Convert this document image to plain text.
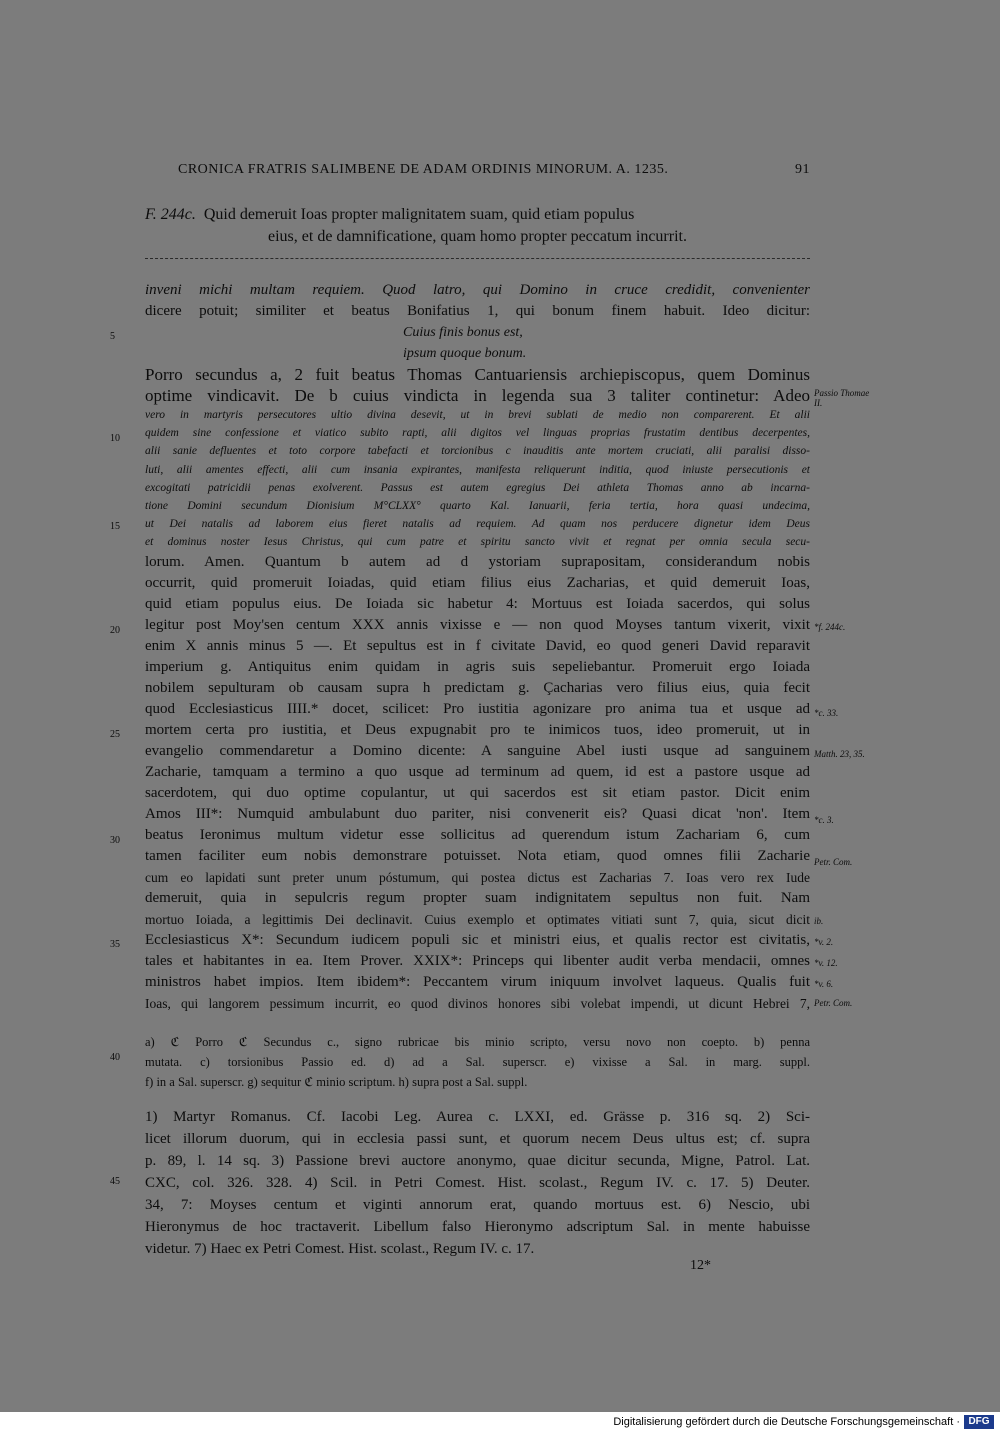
CRONICA FRATRIS SALIMBENE DE ADAM ORDINIS MINORUM. A. 1235.	91
F. 244c. Quid demeruit Ioas propter malignitatem suam, quid etiam populus
eius, et de damnificatione, quam homo propter peccatum incurrit.
inveni michi multam requiem. Quod latro, qui Domino in cruce credidit, convenienter
dicere potuit; similiter et beatus Bonifatius 1, qui bonum finem habuit. Ideo dicitur:
Cuius finis bonus est,
ipsum quoque bonum.
Porro secundus a, 2 fuit beatus Thomas Cantuariensis archiepiscopus, quem Dominus
optime vindicavit. De b cuius vindicta in legenda sua 3 taliter continetur: Adeo
vero in martyris persecutores ultio divina desevit, ut in brevi sublati de medio non comparerent. Et alii
quidem sine confessione et viatico subito rapti, alii digitos vel linguas proprias frustatim dentibus decerpentes,
alii sanie defluentes et toto corpore tabefacti et torcionibus c inauditis ante mortem cruciati, alii paralisi disso-
luti, alii amentes effecti, alii cum insania expirantes, manifesta reliquerunt inditia, quod iniuste persecutionis et
excogitati patricidii penas exolverent. Passus est autem egregius Dei athleta Thomas anno ab incarna-
tione Domini secundum Dionisium M°CLXX° quarto Kal. Ianuarii, feria tertia, hora quasi undecima,
ut Dei natalis ad laborem eius fieret natalis ad requiem. Ad quam nos perducere dignetur idem Deus
et dominus noster Iesus Christus, qui cum patre et spiritu sancto vivit et regnat per omnia secula secu-
lorum. Amen. Quantum b autem ad d ystoriam suprapositam, considerandum nobis
occurrit, quid promeruit Ioiadas, quid etiam filius eius Zacharias, et quid demeruit Ioas,
quid etiam populus eius. De Ioiada sic habetur 4: Mortuus est Ioiada sacerdos, qui solus
legitur post Moy'sen centum XXX annis vixisse e — non quod Moyses tantum vixerit, vixit
enim X annis minus 5 —. Et sepultus est in f civitate David, eo quod generi David reparavit
imperium g. Antiquitus enim quidam in agris suis sepeliebantur. Promeruit ergo Ioiada
nobilem sepulturam ob causam supra h predictam g. Çacharias vero filius eius, quia fecit
quod Ecclesiasticus IIII.* docet, scilicet: Pro iustitia agonizare pro anima tua et usque ad
mortem certa pro iustitia, et Deus expugnabit pro te inimicos tuos, ideo promeruit, ut in
evangelio commendaretur a Domino dicente: A sanguine Abel iusti usque ad sanguinem
Zacharie, tamquam a termino a quo usque ad terminum ad quem, id est a pastore usque ad
sacerdotem, qui duo optime copulantur, ut qui sacerdos est sit etiam pastor. Dicit enim
Amos III*: Numquid ambulabunt duo pariter, nisi convenerit eis? Quasi dicat 'non'. Item
beatus Ieronimus multum videtur esse sollicitus ad querendum istum Zachariam 6, cum
tamen faciliter eum nobis demonstrare potuisset. Nota etiam, quod omnes filii Zacharie
cum eo lapidati sunt preter unum póstumum, qui postea dictus est Zacharias 7. Ioas vero rex Iude
demeruit, quia in sepulcris regum propter suam indignitatem sepultus non fuit. Nam
mortuo Ioiada, a legittimis Dei declinavit. Cuius exemplo et optimates vitiati sunt 7, quia, sicut dicit
Ecclesiasticus X*: Secundum iudicem populi sic et ministri eius, et qualis rector est civitatis,
tales et habitantes in ea. Item Prover. XXIX*: Princeps qui libenter audit verba mendacii, omnes
ministros habet impios. Item ibidem*: Peccantem virum iniquum involvet laqueus. Qualis fuit
Ioas, qui langorem pessimum incurrit, eo quod divinos honores sibi volebat impendi, ut dicunt Hebrei 7,
5
10
15
20
25
30
35
40
45
Passio Thomae II.
*f. 244c.
*c. 33.
Matth. 23, 35.
*c. 3.
Petr. Com.
ib.
*v. 2.
*v. 12.
*v. 6.
Petr. Com.
a) ℭ Porro ℭ Secundus c., signo rubricae bis minio scripto, versu novo non coepto. b) penna
mutata. c) torsionibus Passio ed. d) ad a Sal. superscr. e) vixisse a Sal. in marg. suppl.
f) in a Sal. superscr. g) sequitur ℭ minio scriptum. h) supra post a Sal. suppl.
1) Martyr Romanus. Cf. Iacobi Leg. Aurea c. LXXI, ed. Grässe p. 316 sq. 2) Sci-
licet illorum duorum, qui in ecclesia passi sunt, et quorum necem Deus ultus est; cf. supra
p. 89, l. 14 sq. 3) Passione brevi auctore anonymo, quae dicitur secunda, Migne, Patrol. Lat.
CXC, col. 326. 328. 4) Scil. in Petri Comest. Hist. scolast., Regum IV. c. 17. 5) Deuter.
34, 7: Moyses centum et viginti annorum erat, quando mortuus est. 6) Nescio, ubi
Hieronymus de hoc tractaverit. Libellum falso Hieronymo adscriptum Sal. in mente habuisse
videtur. 7) Haec ex Petri Comest. Hist. scolast., Regum IV. c. 17.
12*
Digitalisierung gefördert durch die Deutsche Forschungsgemeinschaft · DFG
